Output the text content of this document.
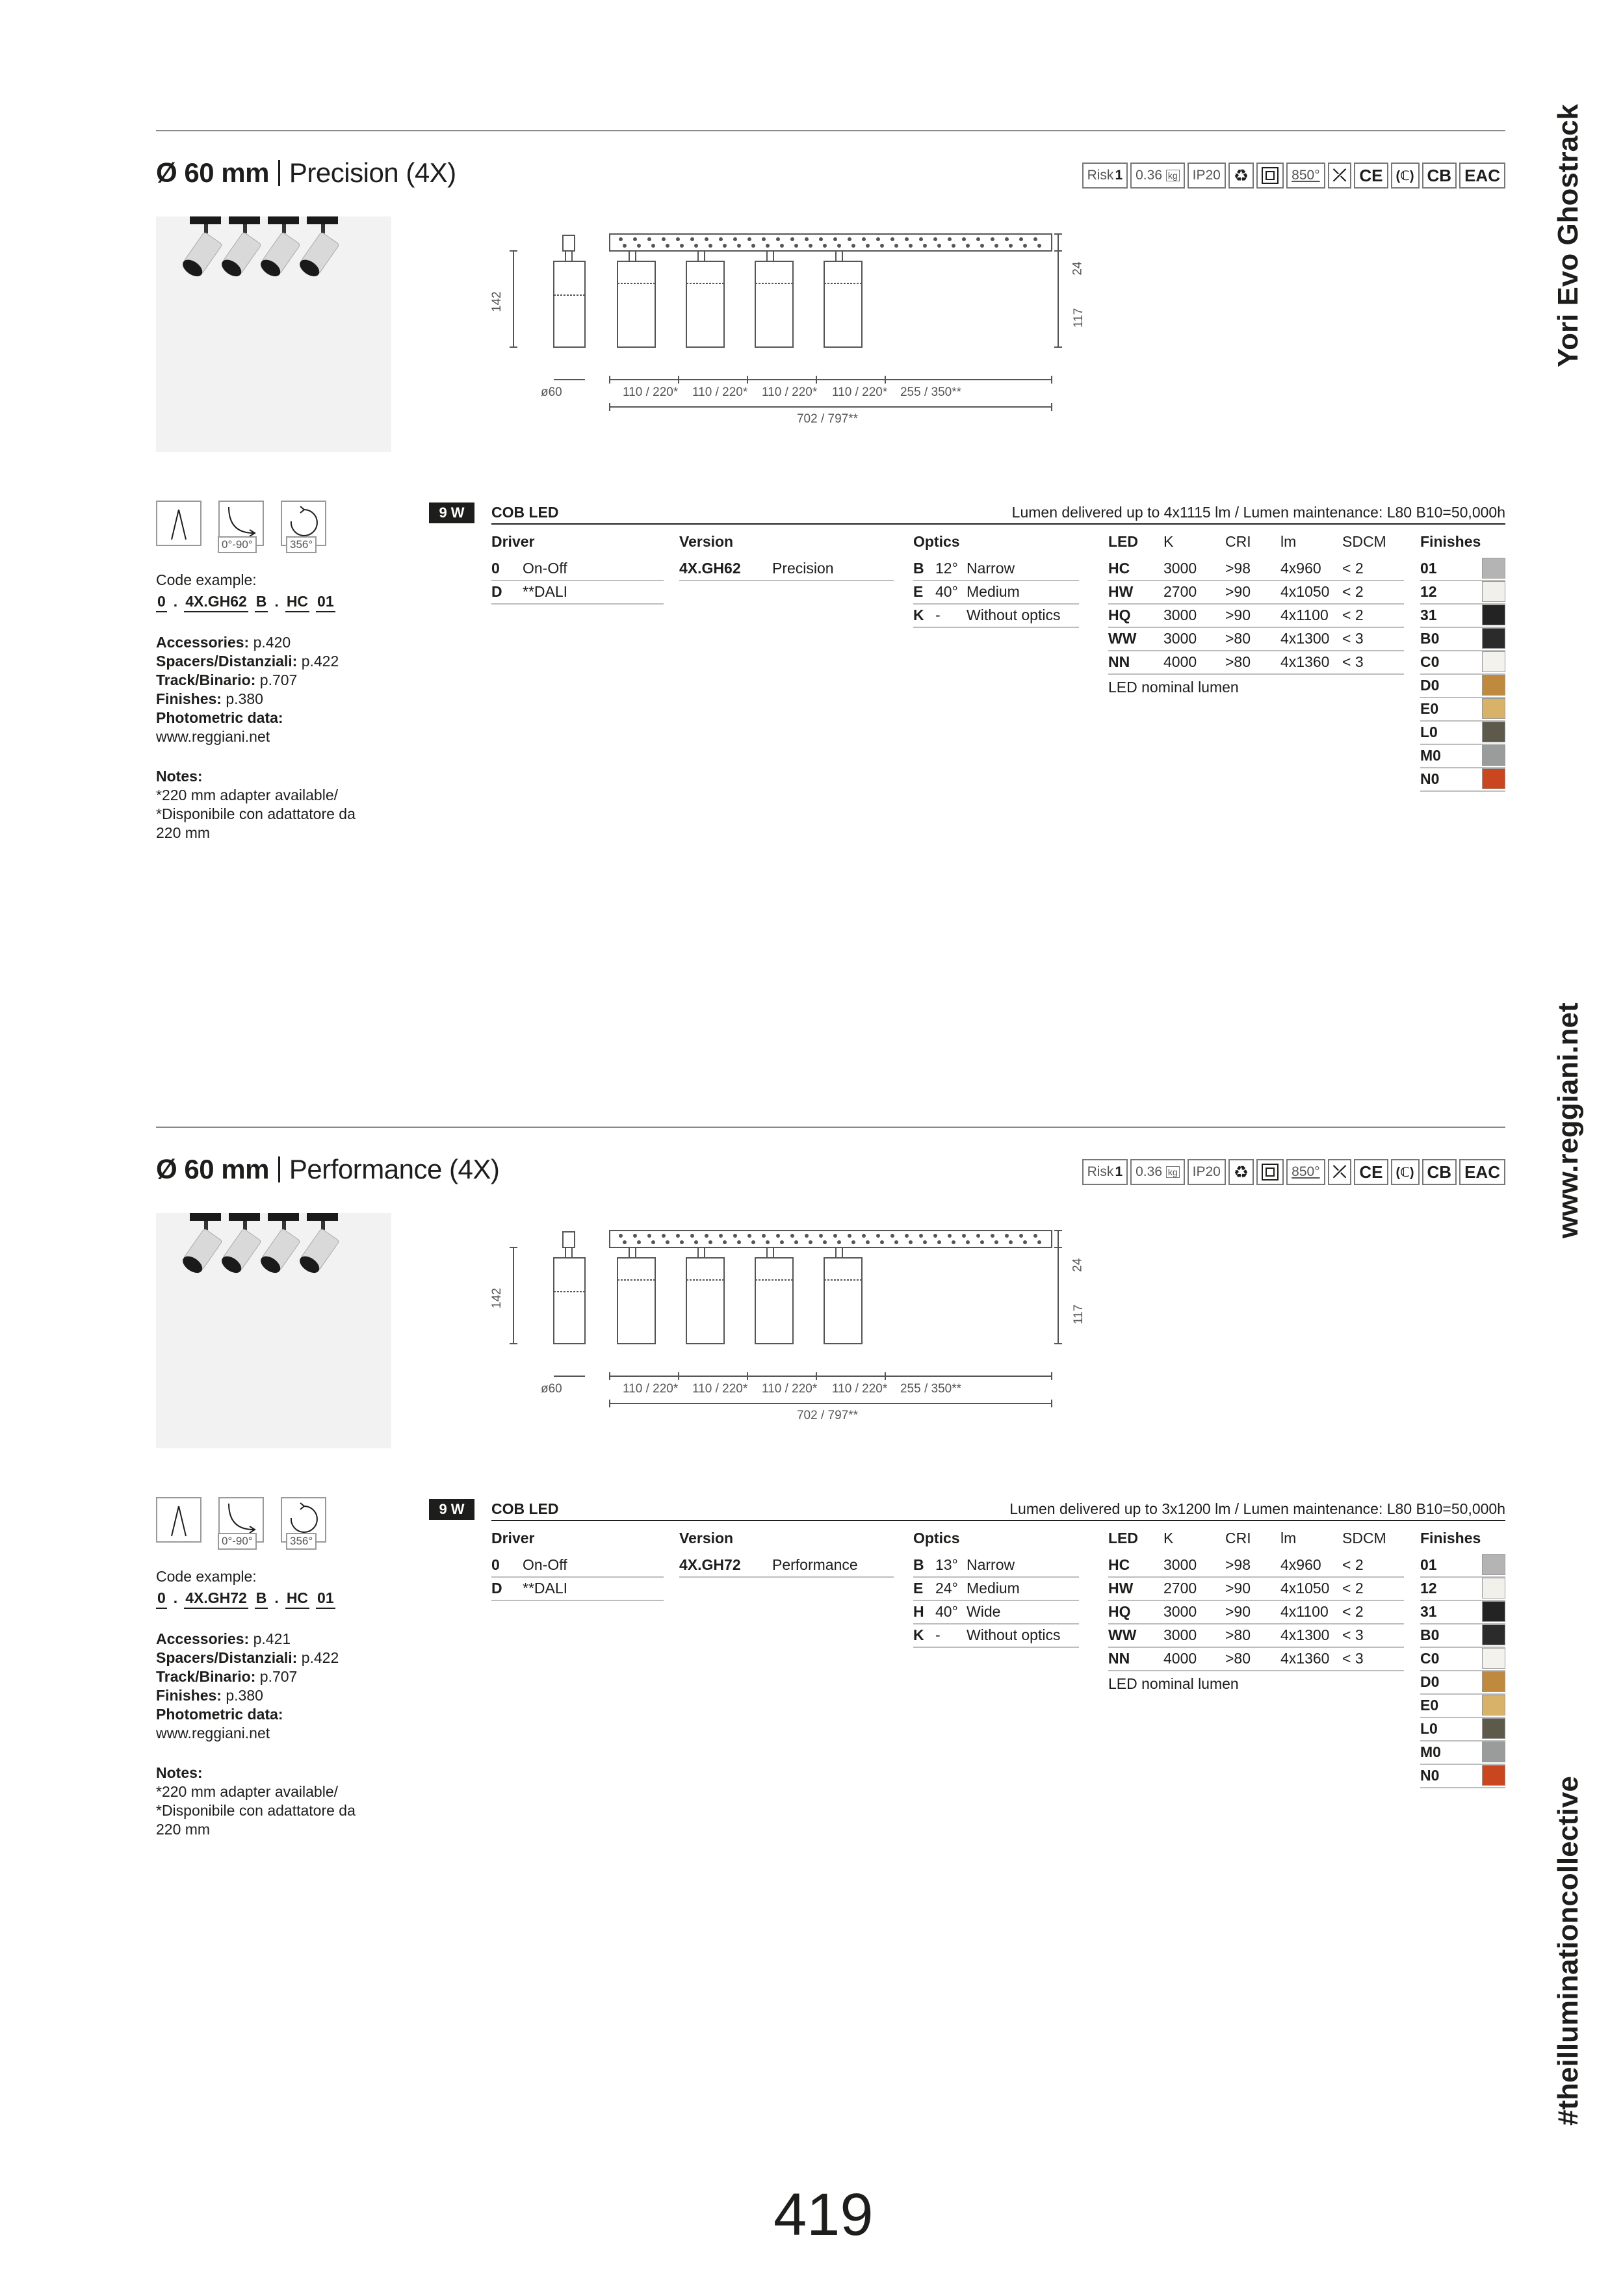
Yori Evo Ghostrack
www.reggiani.net
#theilluminationcollective
419
Ø 60 mm Precision (4X)	Risk 1 0.36
kg	IP20 ♻	850° ⤫ CE	(ℂ) CB EAC
142
ø60	110 / 220* 110 / 220* 110 / 220* 110 / 220* 255 / 350**
702 / 797**
24
117
0°-90°	356°
Code example:
0 . 4X.GH62 B . HC 01
Accessories: p.420
Spacers/Distanziali: p.422
Track/Binario: p.707
Finishes: p.380
Photometric data:
www.reggiani.net
Notes:
*220 mm adapter available/
*Disponibile con adattatore da
220 mm
9 W	COB LED	Lumen delivered up to 4x1115 lm / Lumen maintenance: L80 B10=50,000h
Driver	Version	Optics	LED K	CRI lm	SDCM Finishes
0 On-Off
D **DALI
4X.GH62 Precision	B 12° Narrow
E 40° Medium
K - Without optics
HC 3000 >98 4x960 < 2
HW 2700 >90 4x1050 < 2
HQ 3000 >90 4x1100 < 2
WW 3000 >80 4x1300 < 3
NN 4000 >80 4x1360 < 3
LED nominal lumen
01
12
31
B0
C0
D0
E0
L0
M0
N0
Ø 60 mm Performance (4X)	Risk 1 0.36
kg	IP20 ♻	850° ⤫ CE	(ℂ) CB EAC
142
ø60	110 / 220* 110 / 220* 110 / 220* 110 / 220* 255 / 350**
702 / 797**
24
117
0°-90°	356°
Code example:
0 . 4X.GH72 B . HC 01
Accessories: p.421
Spacers/Distanziali: p.422
Track/Binario: p.707
Finishes: p.380
Photometric data:
www.reggiani.net
Notes:
*220 mm adapter available/
*Disponibile con adattatore da
220 mm
9 W	COB LED	Lumen delivered up to 3x1200 lm / Lumen maintenance: L80 B10=50,000h
Driver	Version	Optics	LED K	CRI lm	SDCM Finishes
0 On-Off
D **DALI
4X.GH72 Performance	B 13° Narrow
E 24° Medium
H 40° Wide
K - Without optics
HC 3000 >98 4x960 < 2
HW 2700 >90 4x1050 < 2
HQ 3000 >90 4x1100 < 2
WW 3000 >80 4x1300 < 3
NN 4000 >80 4x1360 < 3
LED nominal lumen
01
12
31
B0
C0
D0
E0
L0
M0
N0
